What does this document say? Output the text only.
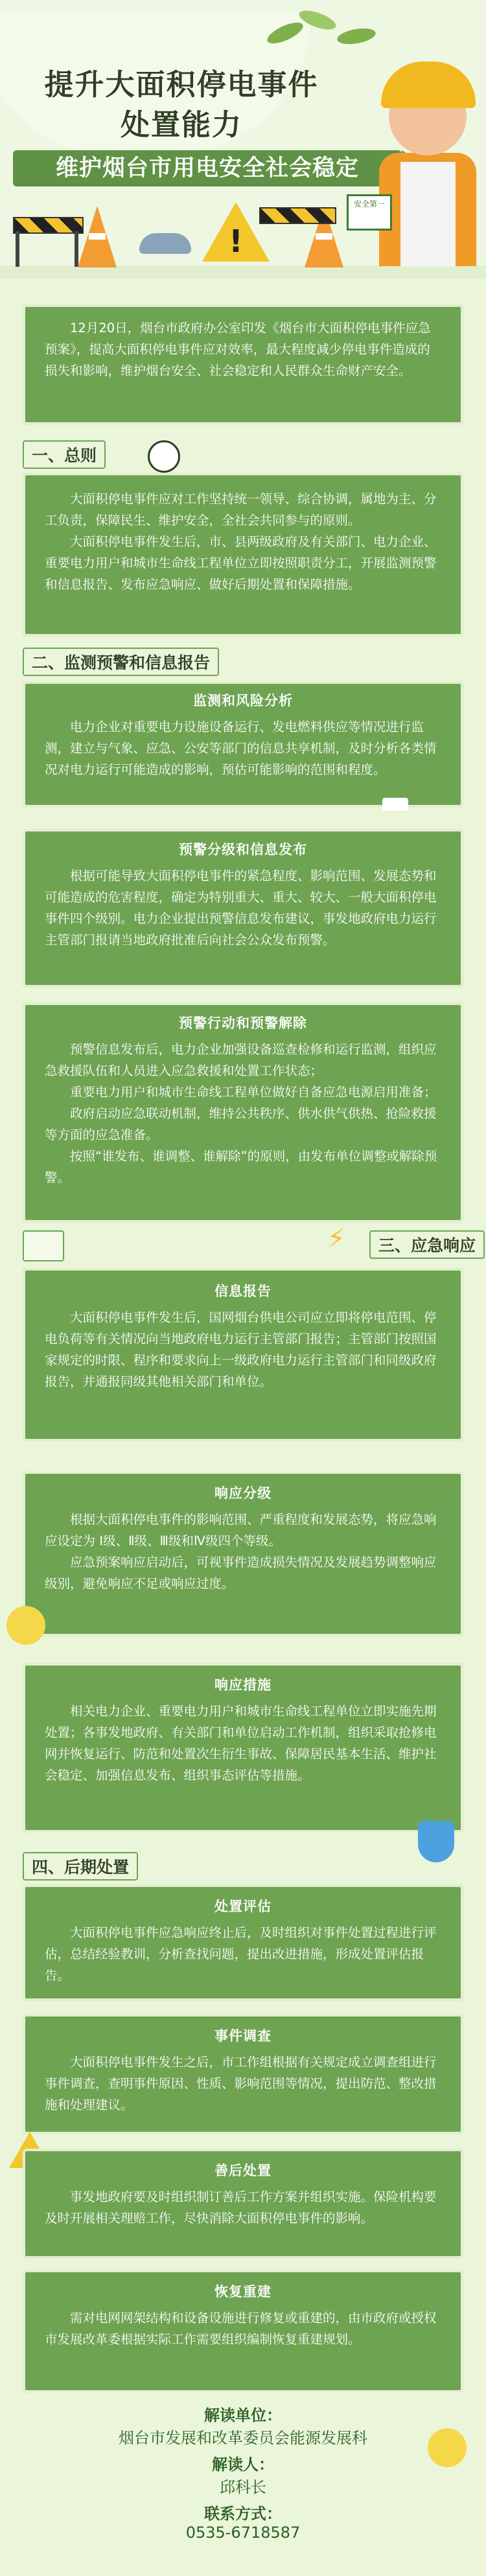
提升大面积停电事件
处置能力
维护烟台市用电安全社会稳定
!
安全第一

12月20日，烟台市政府办公室印发《烟台市大面积停电事件应急预案》，提高大面积停电事件应对效率，最大程度减少停电事件造成的损失和影响，维护烟台安全、社会稳定和人民群众生命财产安全。

一、总则

大面积停电事件应对工作坚持统一领导、综合协调，属地为主、分工负责，保障民生、维护安全，全社会共同参与的原则。

大面积停电事件发生后，市、县两级政府及有关部门、电力企业、重要电力用户和城市生命线工程单位立即按照职责分工，开展监测预警和信息报告、发布应急响应、做好后期处置和保障措施。

二、监测预警和信息报告
监测和风险分析

电力企业对重要电力设施设备运行、发电燃料供应等情况进行监测，建立与气象、应急、公安等部门的信息共享机制，及时分析各类情况对电力运行可能造成的影响，预估可能影响的范围和程度。

预警分级和信息发布

根据可能导致大面积停电事件的紧急程度、影响范围、发展态势和可能造成的危害程度，确定为特别重大、重大、较大、一般大面积停电事件四个级别。电力企业提出预警信息发布建议，事发地政府电力运行主管部门报请当地政府批准后向社会公众发布预警。

预警行动和预警解除

预警信息发布后，电力企业加强设备巡查检修和运行监测，组织应急救援队伍和人员进入应急救援和处置工作状态；

重要电力用户和城市生命线工程单位做好自备应急电源启用准备；

政府启动应急联动机制，维持公共秩序、供水供气供热、抢险救援等方面的应急准备。

按照“谁发布、谁调整、谁解除”的原则，由发布单位调整或解除预警。

三、应急响应
⚡
信息报告

大面积停电事件发生后，国网烟台供电公司应立即将停电范围、停电负荷等有关情况向当地政府电力运行主管部门报告；主管部门按照国家规定的时限、程序和要求向上一级政府电力运行主管部门和同级政府报告，并通报同级其他相关部门和单位。

响应分级

根据大面积停电事件的影响范围、严重程度和发展态势，将应急响应设定为 Ⅰ级、Ⅱ级、Ⅲ级和Ⅳ级四个等级。

应急预案响应启动后，可视事件造成损失情况及发展趋势调整响应级别，避免响应不足或响应过度。

响应措施

相关电力企业、重要电力用户和城市生命线工程单位立即实施先期处置；各事发地政府、有关部门和单位启动工作机制，组织采取抢修电网并恢复运行、防范和处置次生衍生事故、保障居民基本生活、维护社会稳定、加强信息发布、组织事态评估等措施。

四、后期处置
处置评估

大面积停电事件应急响应终止后，及时组织对事件处置过程进行评估，总结经验教训，分析查找问题，提出改进措施，形成处置评估报告。

事件调查

大面积停电事件发生之后，市工作组根据有关规定成立调查组进行事件调查，查明事件原因、性质、影响范围等情况，提出防范、整改措施和处理建议。

善后处置

事发地政府要及时组织制订善后工作方案并组织实施。保险机构要及时开展相关理赔工作，尽快消除大面积停电事件的影响。

恢复重建

需对电网网架结构和设备设施进行修复或重建的，由市政府或授权市发展改革委根据实际工作需要组织编制恢复重建规划。

解读单位：
烟台市发展和改革委员会能源发展科
解读人：
邱科长
联系方式：
0535-6718587
